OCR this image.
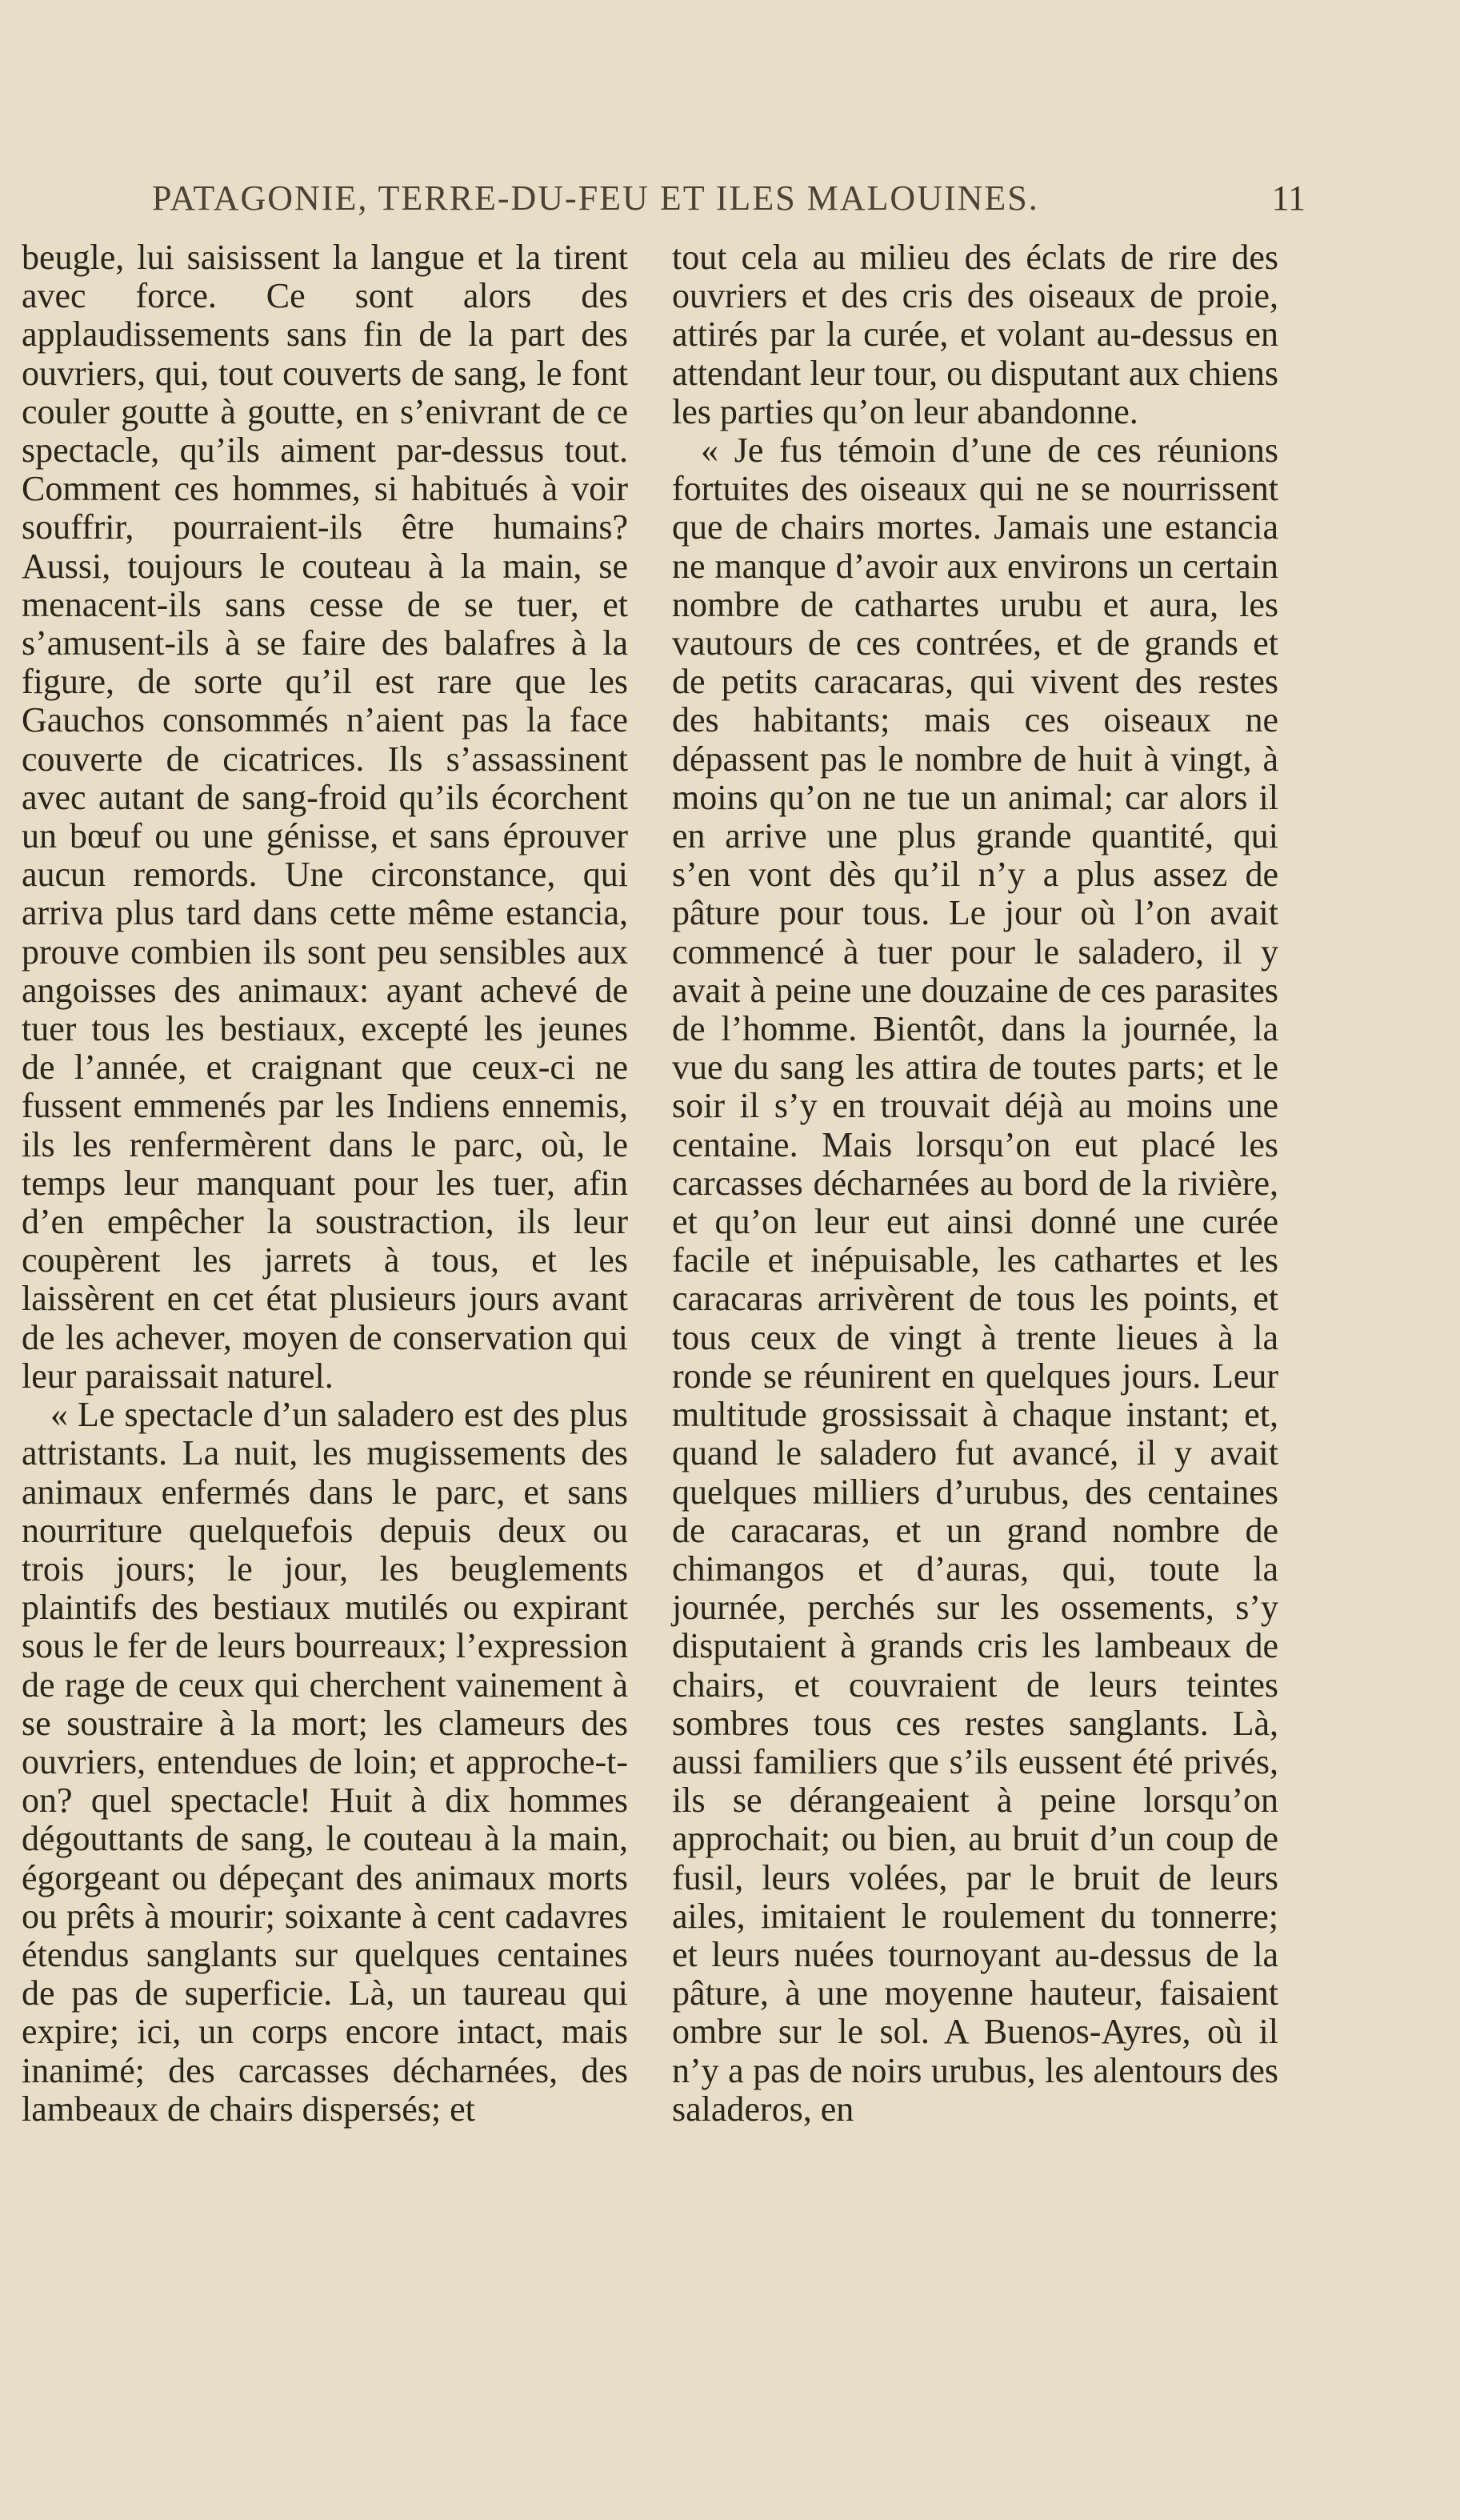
PATAGONIE, TERRE-DU-FEU ET ILES MALOUINES.	11

beugle, lui saisissent la langue et la tirent avec force. Ce sont alors des applaudissements sans fin de la part des ouvriers, qui, tout couverts de sang, le font couler goutte à goutte, en s’enivrant de ce spectacle, qu’ils aiment par-dessus tout. Comment ces hommes, si habitués à voir souffrir, pourraient-ils être humains? Aussi, toujours le couteau à la main, se menacent-ils sans cesse de se tuer, et s’amusent-ils à se faire des balafres à la figure, de sorte qu’il est rare que les Gauchos consommés n’aient pas la face couverte de cicatrices. Ils s’assassinent avec autant de sang-froid qu’ils écorchent un bœuf ou une génisse, et sans éprouver aucun remords. Une circonstance, qui arriva plus tard dans cette même estancia, prouve combien ils sont peu sensibles aux angoisses des animaux: ayant achevé de tuer tous les bestiaux, excepté les jeunes de l’année, et craignant que ceux-ci ne fussent emmenés par les Indiens ennemis, ils les renfermèrent dans le parc, où, le temps leur manquant pour les tuer, afin d’en empêcher la soustraction, ils leur coupèrent les jarrets à tous, et les laissèrent en cet état plusieurs jours avant de les achever, moyen de conservation qui leur paraissait naturel.

« Le spectacle d’un saladero est des plus attristants. La nuit, les mugissements des animaux enfermés dans le parc, et sans nourriture quelquefois depuis deux ou trois jours; le jour, les beuglements plaintifs des bestiaux mutilés ou expirant sous le fer de leurs bourreaux; l’expression de rage de ceux qui cherchent vainement à se soustraire à la mort; les clameurs des ouvriers, entendues de loin; et approche-t-on? quel spectacle! Huit à dix hommes dégouttants de sang, le couteau à la main, égorgeant ou dépeçant des animaux morts ou prêts à mourir; soixante à cent cadavres étendus sanglants sur quelques centaines de pas de superficie. Là, un taureau qui expire; ici, un corps encore intact, mais inanimé; des carcasses décharnées, des lambeaux de chairs dispersés; et

tout cela au milieu des éclats de rire des ouvriers et des cris des oiseaux de proie, attirés par la curée, et volant au-dessus en attendant leur tour, ou disputant aux chiens les parties qu’on leur abandonne.

« Je fus témoin d’une de ces réunions fortuites des oiseaux qui ne se nourrissent que de chairs mortes. Jamais une estancia ne manque d’avoir aux environs un certain nombre de cathartes urubu et aura, les vautours de ces contrées, et de grands et de petits caracaras, qui vivent des restes des habitants; mais ces oiseaux ne dépassent pas le nombre de huit à vingt, à moins qu’on ne tue un animal; car alors il en arrive une plus grande quantité, qui s’en vont dès qu’il n’y a plus assez de pâture pour tous. Le jour où l’on avait commencé à tuer pour le saladero, il y avait à peine une douzaine de ces parasites de l’homme. Bientôt, dans la journée, la vue du sang les attira de toutes parts; et le soir il s’y en trouvait déjà au moins une centaine. Mais lorsqu’on eut placé les carcasses décharnées au bord de la rivière, et qu’on leur eut ainsi donné une curée facile et inépuisable, les cathartes et les caracaras arrivèrent de tous les points, et tous ceux de vingt à trente lieues à la ronde se réunirent en quelques jours. Leur multitude grossissait à chaque instant; et, quand le saladero fut avancé, il y avait quelques milliers d’urubus, des centaines de caracaras, et un grand nombre de chimangos et d’auras, qui, toute la journée, perchés sur les ossements, s’y disputaient à grands cris les lambeaux de chairs, et couvraient de leurs teintes sombres tous ces restes sanglants. Là, aussi familiers que s’ils eussent été privés, ils se dérangeaient à peine lorsqu’on approchait; ou bien, au bruit d’un coup de fusil, leurs volées, par le bruit de leurs ailes, imitaient le roulement du tonnerre; et leurs nuées tournoyant au-dessus de la pâture, à une moyenne hauteur, faisaient ombre sur le sol. A Buenos-Ayres, où il n’y a pas de noirs urubus, les alentours des saladeros, en
